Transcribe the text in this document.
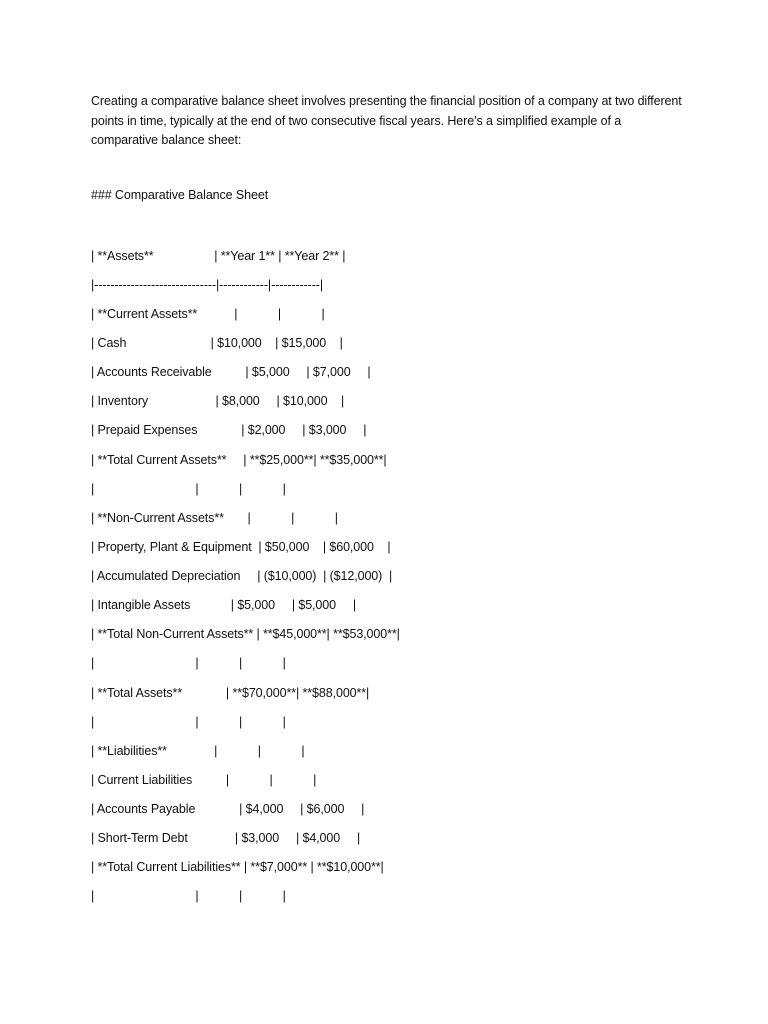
Creating a comparative balance sheet involves presenting the financial position of a company at two different points in time, typically at the end of two consecutive fiscal years. Here’s a simplified example of a comparative balance sheet:

### Comparative Balance Sheet

| **Assets**                  | **Year 1** | **Year 2** |
|------------------------------|------------|------------|
| **Current Assets**           |            |            |
| Cash                         | $10,000    | $15,000    |
| Accounts Receivable          | $5,000     | $7,000     |
| Inventory                    | $8,000     | $10,000    |
| Prepaid Expenses             | $2,000     | $3,000     |
| **Total Current Assets**     | **$25,000**| **$35,000**|
|                              |            |            |
| **Non-Current Assets**       |            |            |
| Property, Plant & Equipment  | $50,000    | $60,000    |
| Accumulated Depreciation     | ($10,000)  | ($12,000)  |
| Intangible Assets            | $5,000     | $5,000     |
| **Total Non-Current Assets** | **$45,000**| **$53,000**|
|                              |            |            |
| **Total Assets**             | **$70,000**| **$88,000**|
|                              |            |            |
| **Liabilities**              |            |            |
| Current Liabilities          |            |            |
| Accounts Payable             | $4,000     | $6,000     |
| Short-Term Debt              | $3,000     | $4,000     |
| **Total Current Liabilities** | **$7,000** | **$10,000**|
|                              |            |            |
